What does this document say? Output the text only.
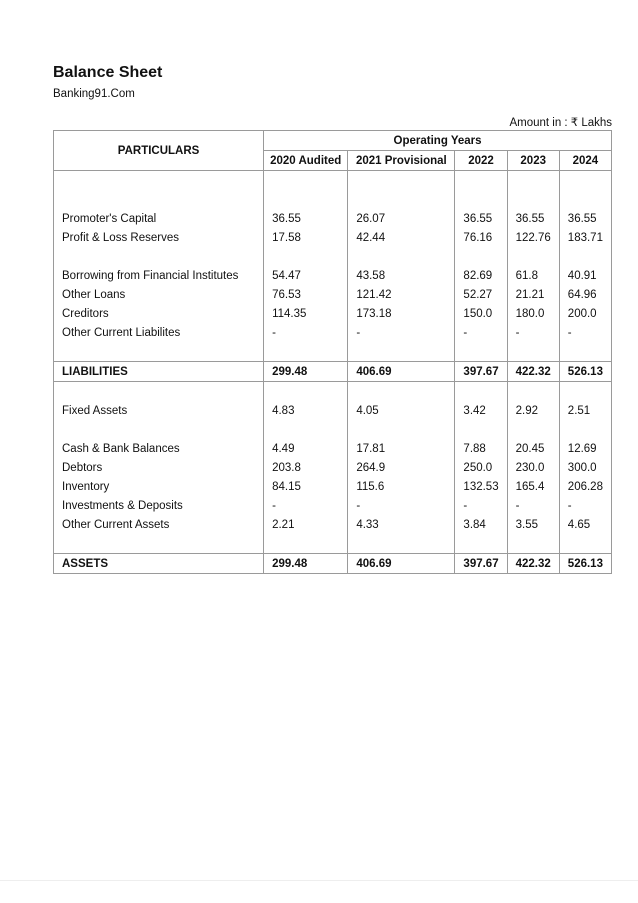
Balance Sheet
Banking91.Com
Amount in : ₹ Lakhs
PARTICULARS	Operating Years				
	2020 Audited	2021 Provisional	2022	2023	2024

Promoter's Capital	36.55	26.07	36.55	36.55	36.55
Profit & Loss Reserves	17.58	42.44	76.16	122.76	183.71

Borrowing from Financial Institutes	54.47	43.58	82.69	61.8	40.91
Other Loans	76.53	121.42	52.27	21.21	64.96
Creditors	114.35	173.18	150.0	180.0	200.0
Other Current Liabilites	-	-	-	-	-

LIABILITIES	299.48	406.69	397.67	422.32	526.13

Fixed Assets	4.83	4.05	3.42	2.92	2.51

Cash & Bank Balances	4.49	17.81	7.88	20.45	12.69
Debtors	203.8	264.9	250.0	230.0	300.0
Inventory	84.15	115.6	132.53	165.4	206.28
Investments & Deposits	-	-	-	-	-
Other Current Assets	2.21	4.33	3.84	3.55	4.65

ASSETS	299.48	406.69	397.67	422.32	526.13
